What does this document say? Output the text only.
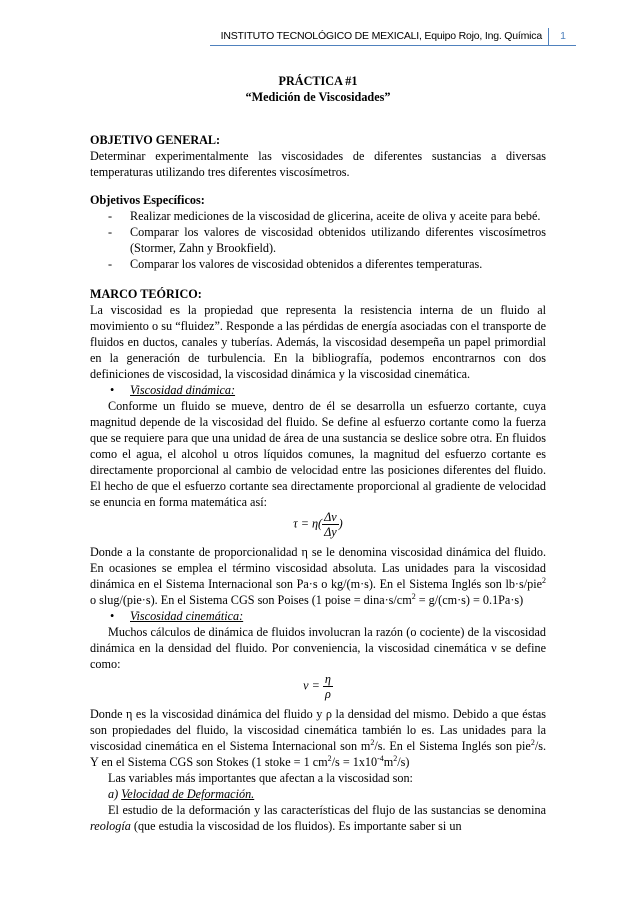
INSTITUTO TECNOLÓGICO DE MEXICALI, Equipo Rojo, Ing. Química	1
PRÁCTICA #1
“Medición de Viscosidades”
OBJETIVO GENERAL:

Determinar experimentalmente las viscosidades de diferentes sustancias a diversas temperaturas utilizando tres diferentes viscosímetros.

Objetivos Específicos:
- Realizar mediciones de la viscosidad de glicerina, aceite de oliva y aceite para bebé.
- Comparar los valores de viscosidad obtenidos utilizando diferentes viscosímetros (Stormer, Zahn y Brookfield).
- Comparar los valores de viscosidad obtenidos a diferentes temperaturas.
MARCO TEÓRICO:

La viscosidad es la propiedad que representa la resistencia interna de un fluido al movimiento o su “fluidez”. Responde a las pérdidas de energía asociadas con el transporte de fluidos en ductos, canales y tuberías. Además, la viscosidad desempeña un papel primordial en la generación de turbulencia. En la bibliografía, podemos encontrarnos con dos definiciones de viscosidad, la viscosidad dinámica y la viscosidad cinemática.

• Viscosidad dinámica:

Conforme un fluido se mueve, dentro de él se desarrolla un esfuerzo cortante, cuya magnitud depende de la viscosidad del fluido. Se define al esfuerzo cortante como la fuerza que se requiere para que una unidad de área de una sustancia se deslice sobre otra. En fluidos como el agua, el alcohol u otros líquidos comunes, la magnitud del esfuerzo cortante es directamente proporcional al cambio de velocidad entre las posiciones diferentes del fluido. El hecho de que el esfuerzo cortante sea directamente proporcional al gradiente de velocidad se enuncia en forma matemática así:

$\tau = \eta( \frac{\Delta v}{\Delta y}$ )

Donde a la constante de proporcionalidad η se le denomina viscosidad dinámica del fluido. En ocasiones se emplea el término viscosidad absoluta. Las unidades para la viscosidad dinámica en el Sistema Internacional son Pa·s o kg/(m·s). En el Sistema Inglés son lb·s/pie$^2$ o slug/(pie·s). En el Sistema CGS son Poises (1 poise = $dina\cdot s/cm^2 = g/(cm\cdot s) = 0.1Pa\cdot s$)

• Viscosidad cinemática:

Muchos cálculos de dinámica de fluidos involucran la razón (o cociente) de la viscosidad dinámica en la densidad del fluido. Por conveniencia, la viscosidad cinemática ν se define como:

$\nu = \frac{\eta}{\rho}$

Donde η es la viscosidad dinámica del fluido y ρ la densidad del mismo. Debido a que éstas son propiedades del fluido, la viscosidad cinemática también lo es. Las unidades para la viscosidad cinemática en el Sistema Internacional son $m^2/s$. En el Sistema Inglés son pie$^2$/s. Y en el Sistema CGS son Stokes (1 stoke = 1 $cm^2/s = 1x10^{-4}m^2/s$)

Las variables más importantes que afectan a la viscosidad son:

a) Velocidad de Deformación.

El estudio de la deformación y las características del flujo de las sustancias se denomina reología (que estudia la viscosidad de los fluidos). Es importante saber si un
